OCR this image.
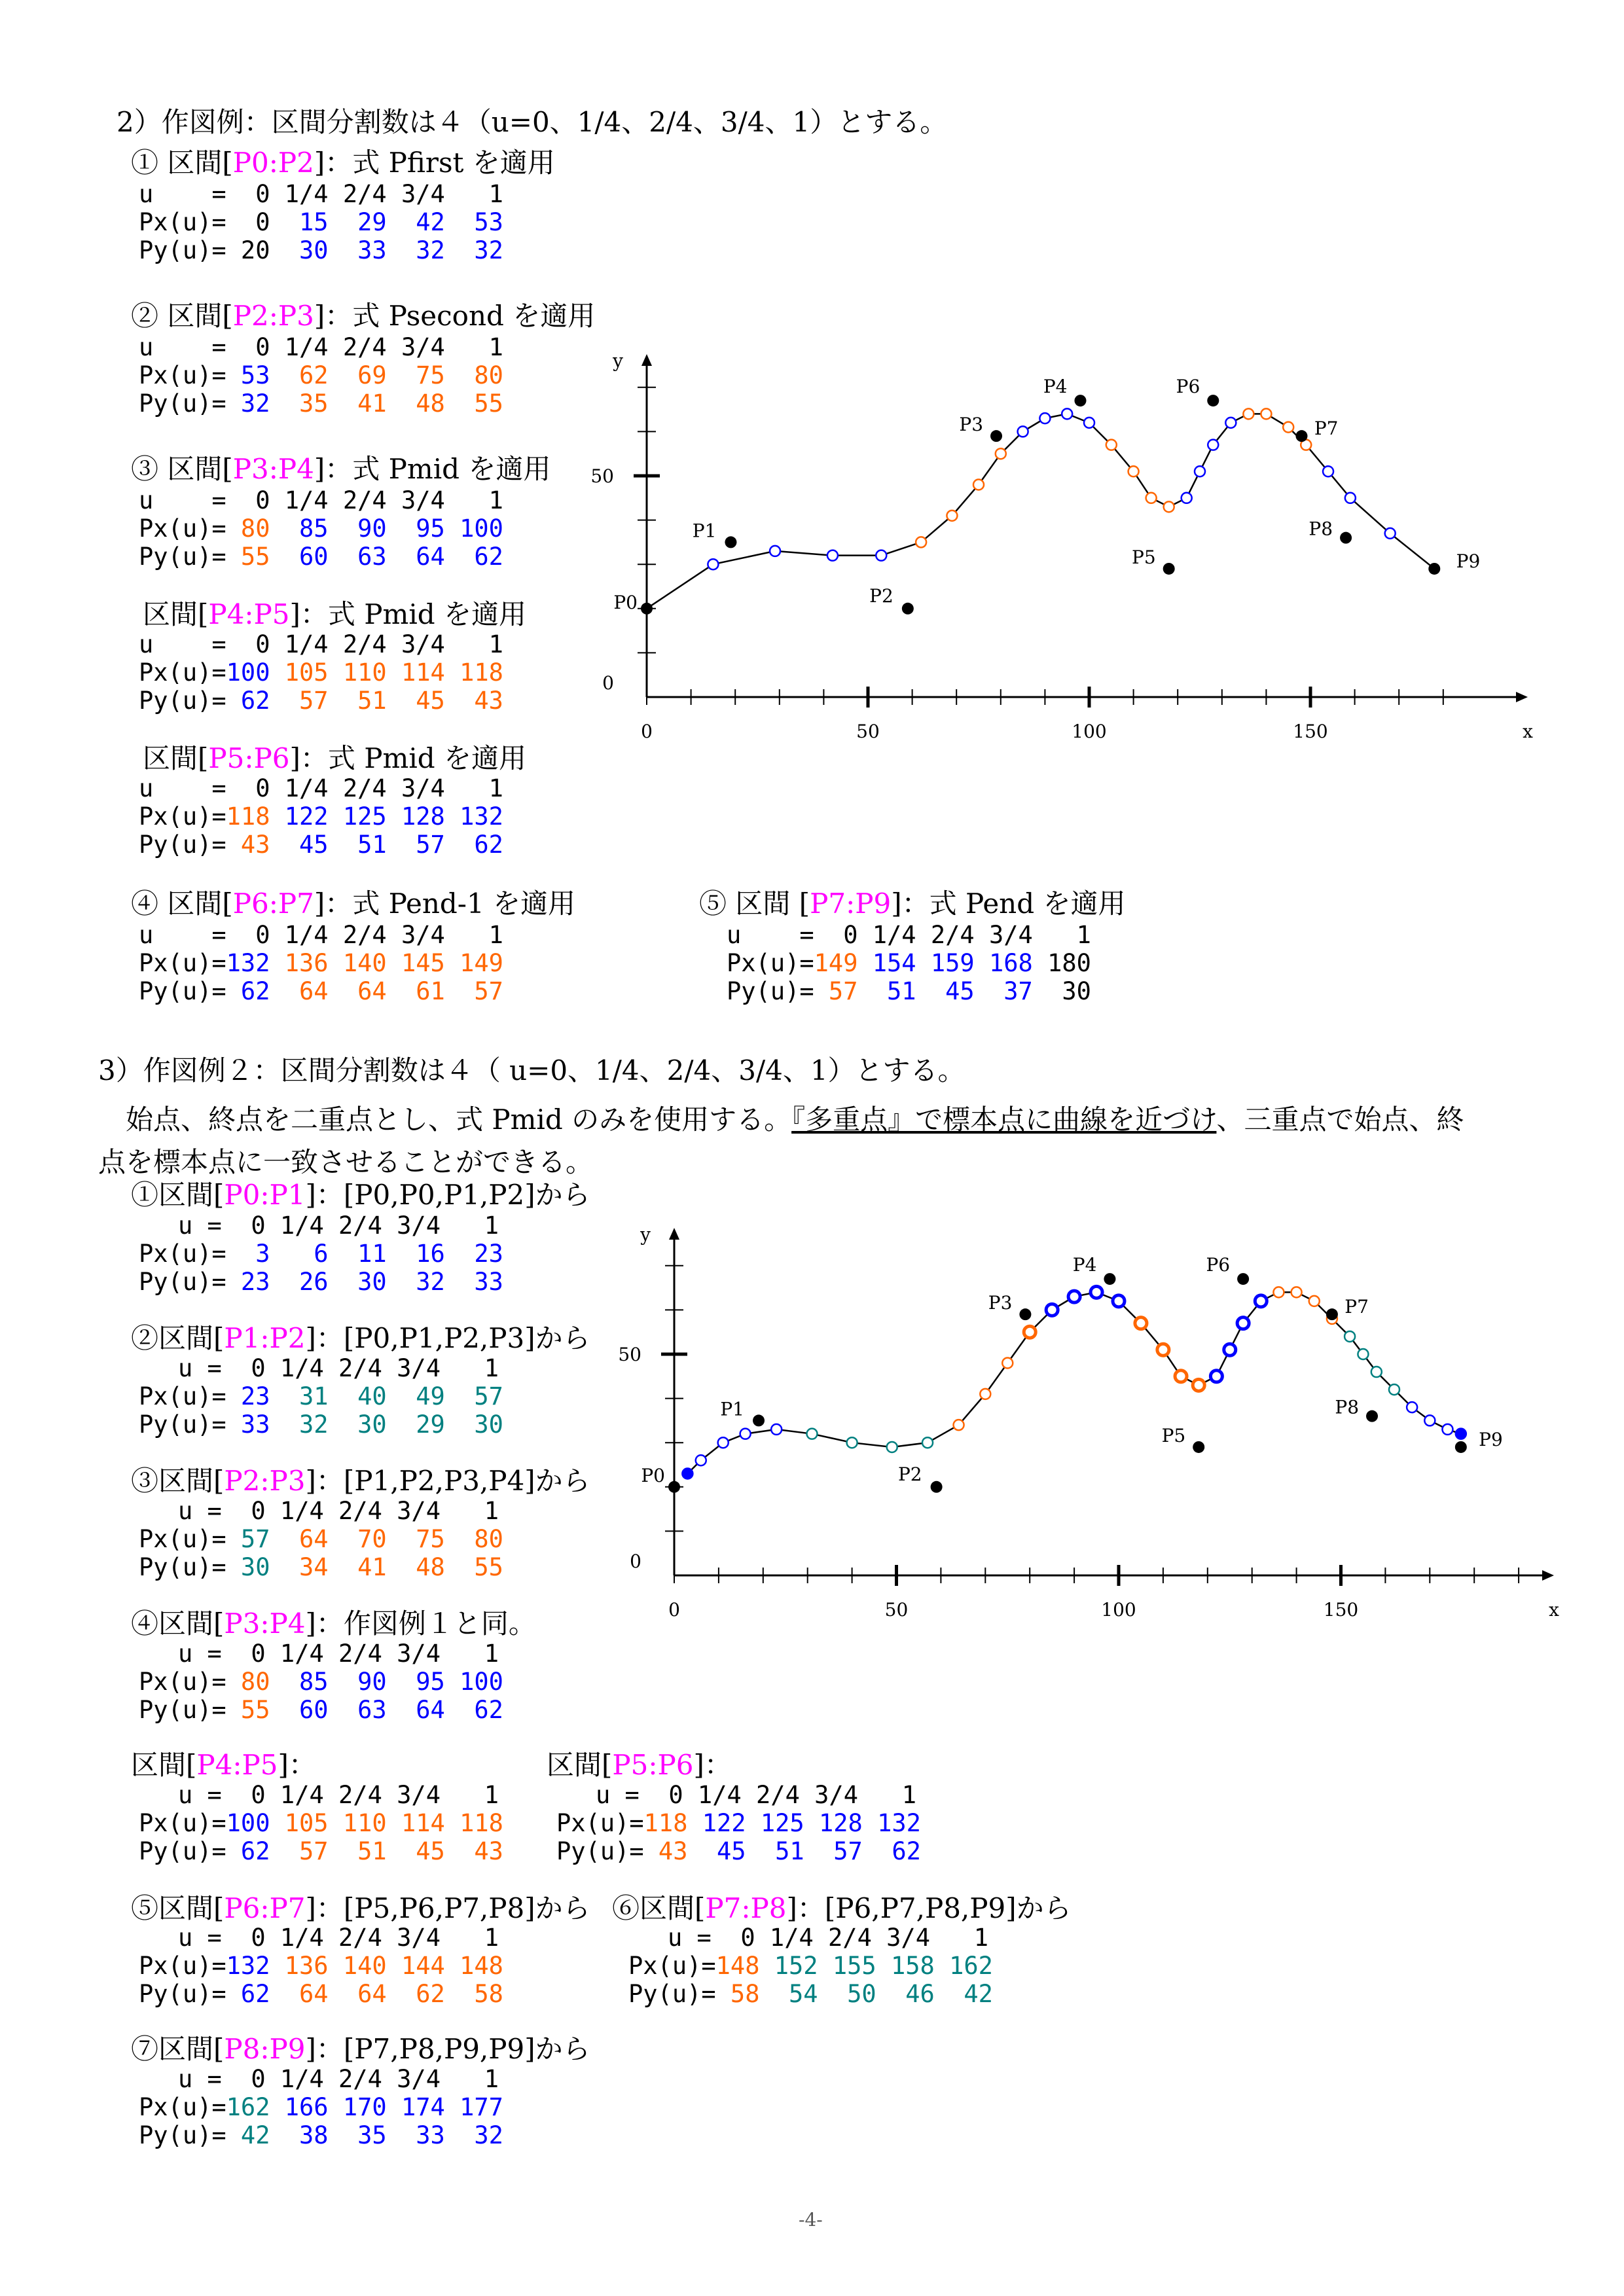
2）作図例：区間分割数は４（u=0、1/4、2/4、3/4、1）とする。
① 区間[P0:P2]：式 Pfirst を適用
u    =  0 1/4 2/4 3/4   1
Px(u)=  0  15  29  42  53
Py(u)= 20  30  33  32  32
② 区間[P2:P3]：式 Psecond を適用
u    =  0 1/4 2/4 3/4   1
Px(u)= 53  62  69  75  80
Py(u)= 32  35  41  48  55
③ 区間[P3:P4]：式 Pmid を適用
u    =  0 1/4 2/4 3/4   1
Px(u)= 80  85  90  95 100
Py(u)= 55  60  63  64  62
区間[P4:P5]：式 Pmid を適用
u    =  0 1/4 2/4 3/4   1
Px(u)=100 105 110 114 118
Py(u)= 62  57  51  45  43
区間[P5:P6]：式 Pmid を適用
u    =  0 1/4 2/4 3/4   1
Px(u)=118 122 125 128 132
Py(u)= 43  45  51  57  62
④ 区間[P6:P7]：式 Pend-1 を適用
u    =  0 1/4 2/4 3/4   1
Px(u)=132 136 140 145 149
Py(u)= 62  64  64  61  57
⑤ 区間 [P7:P9]：式 Pend を適用
u    =  0 1/4 2/4 3/4   1
Px(u)=149 154 159 168 180
Py(u)= 57  51  45  37  30
0	50	100	150
0
50
x
y
P0
P1
P2
P3
P4
P5
P6
P7
P8
P9
3）作図例２：区間分割数は４（ u=0、1/4、2/4、3/4、1）とする。
　始点、終点を二重点とし、式 Pmid のみを使用する。『多重点』で標本点に曲線を近づけ、三重点で始点、終
点を標本点に一致させることができる。
①区間[P0:P1]：[P0,P0,P1,P2]から
u =  0 1/4 2/4 3/4   1
Px(u)=  3   6  11  16  23
Py(u)= 23  26  30  32  33
②区間[P1:P2]：[P0,P1,P2,P3]から
u =  0 1/4 2/4 3/4   1
Px(u)= 23  31  40  49  57
Py(u)= 33  32  30  29  30
③区間[P2:P3]：[P1,P2,P3,P4]から
u =  0 1/4 2/4 3/4   1
Px(u)= 57  64  70  75  80
Py(u)= 30  34  41  48  55
④区間[P3:P4]：作図例１と同。
u =  0 1/4 2/4 3/4   1
Px(u)= 80  85  90  95 100
Py(u)= 55  60  63  64  62
区間[P4:P5]：
u =  0 1/4 2/4 3/4   1
Px(u)=100 105 110 114 118
Py(u)= 62  57  51  45  43
区間[P5:P6]：
u =  0 1/4 2/4 3/4   1
Px(u)=118 122 125 128 132
Py(u)= 43  45  51  57  62
⑤区間[P6:P7]：[P5,P6,P7,P8]から
u =  0 1/4 2/4 3/4   1
Px(u)=132 136 140 144 148
Py(u)= 62  64  64  62  58
⑥区間[P7:P8]：[P6,P7,P8,P9]から
u =  0 1/4 2/4 3/4   1
Px(u)=148 152 155 158 162
Py(u)= 58  54  50  46  42
⑦区間[P8:P9]：[P7,P8,P9,P9]から
u =  0 1/4 2/4 3/4   1
Px(u)=162 166 170 174 177
Py(u)= 42  38  35  33  32
0	50	100	150
0
50
x
y
P0
P1
P2
P3
P4
P5
P6
P7
P8
P9
-4-
